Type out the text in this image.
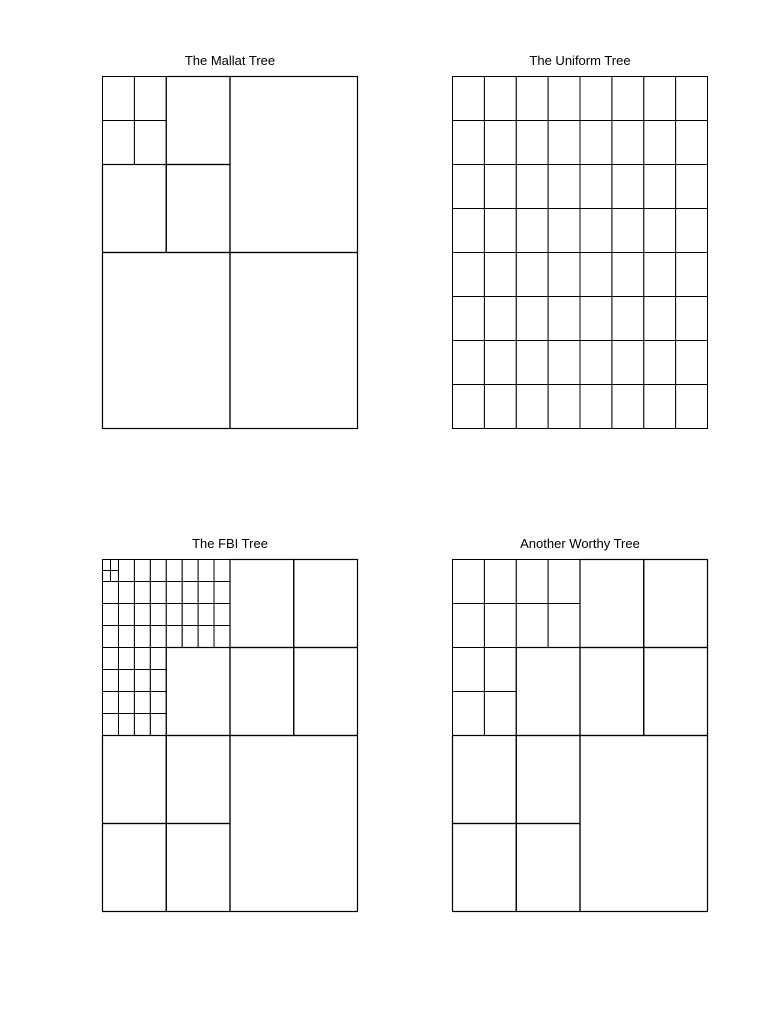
The Mallat Tree	The Uniform Tree
The FBI Tree	Another Worthy Tree
